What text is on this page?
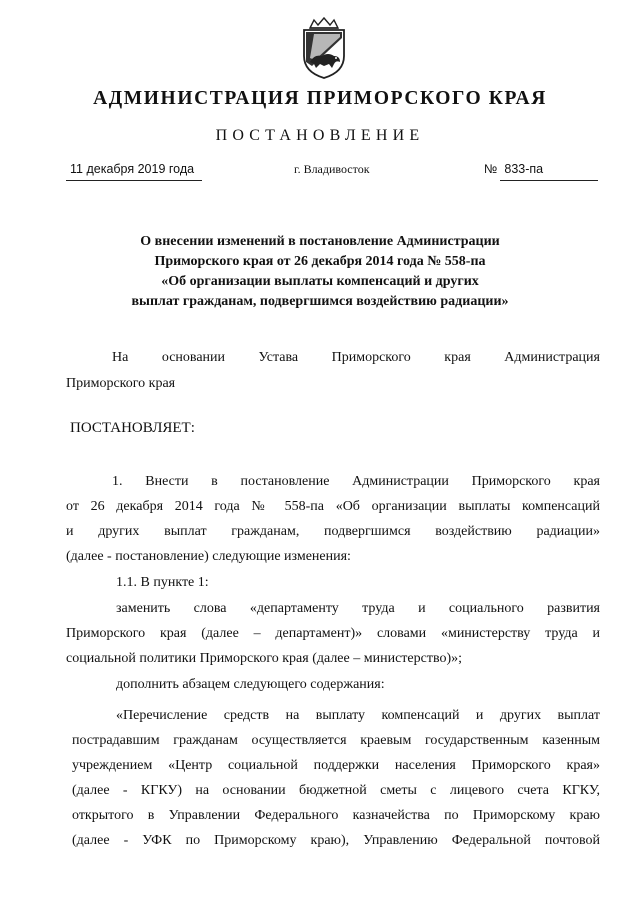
АДМИНИСТРАЦИЯ ПРИМОРСКОГО КРАЯ
ПОСТАНОВЛЕНИЕ
11 декабря 2019 года	г. Владивосток	№ 833-па
О внесении изменений в постановление Администрации
Приморского края от 26 декабря 2014 года № 558-па
«Об организации выплаты компенсаций и других
выплат гражданам, подвергшимся воздействию радиации»
На основании Устава Приморского края Администрация
Приморского края
ПОСТАНОВЛЯЕТ:
1. Внести в постановление Администрации Приморского края
от 26 декабря 2014 года № 558-па «Об организации выплаты компенсаций
и других выплат гражданам, подвергшимся воздействию радиации»
(далее - постановление) следующие изменения:
1.1. В пункте 1:
заменить слова «департаменту труда и социального развития
Приморского края (далее – департамент)» словами «министерству труда и
социальной политики Приморского края (далее – министерство)»;
дополнить абзацем следующего содержания:
«Перечисление средств на выплату компенсаций и других выплат
пострадавшим гражданам осуществляется краевым государственным казенным
учреждением «Центр социальной поддержки населения Приморского края»
(далее - КГКУ) на основании бюджетной сметы с лицевого счета КГКУ,
открытого в Управлении Федерального казначейства по Приморскому краю
(далее - УФК по Приморскому краю), Управлению Федеральной почтовой
